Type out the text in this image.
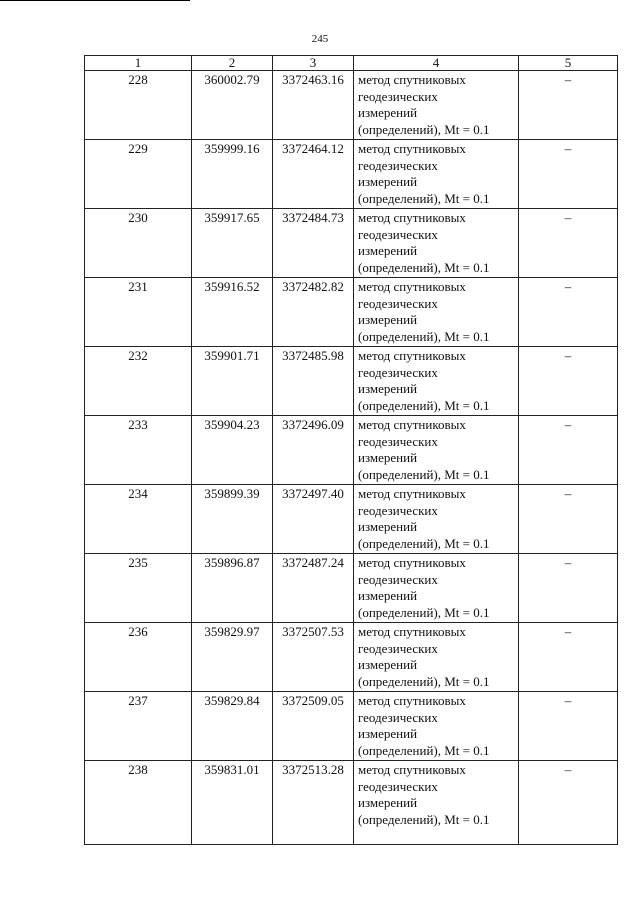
245
1	2	3	4	5
228	360002.79	3372463.16	метод спутниковых
геодезических
измерений
(определений), Mt = 0.1	–
229	359999.16	3372464.12	метод спутниковых
геодезических
измерений
(определений), Mt = 0.1	–
230	359917.65	3372484.73	метод спутниковых
геодезических
измерений
(определений), Mt = 0.1	–
231	359916.52	3372482.82	метод спутниковых
геодезических
измерений
(определений), Mt = 0.1	–
232	359901.71	3372485.98	метод спутниковых
геодезических
измерений
(определений), Mt = 0.1	–
233	359904.23	3372496.09	метод спутниковых
геодезических
измерений
(определений), Mt = 0.1	–
234	359899.39	3372497.40	метод спутниковых
геодезических
измерений
(определений), Mt = 0.1	–
235	359896.87	3372487.24	метод спутниковых
геодезических
измерений
(определений), Mt = 0.1	–
236	359829.97	3372507.53	метод спутниковых
геодезических
измерений
(определений), Mt = 0.1	–
237	359829.84	3372509.05	метод спутниковых
геодезических
измерений
(определений), Mt = 0.1	–
238	359831.01	3372513.28	метод спутниковых
геодезических
измерений
(определений), Mt = 0.1	–
